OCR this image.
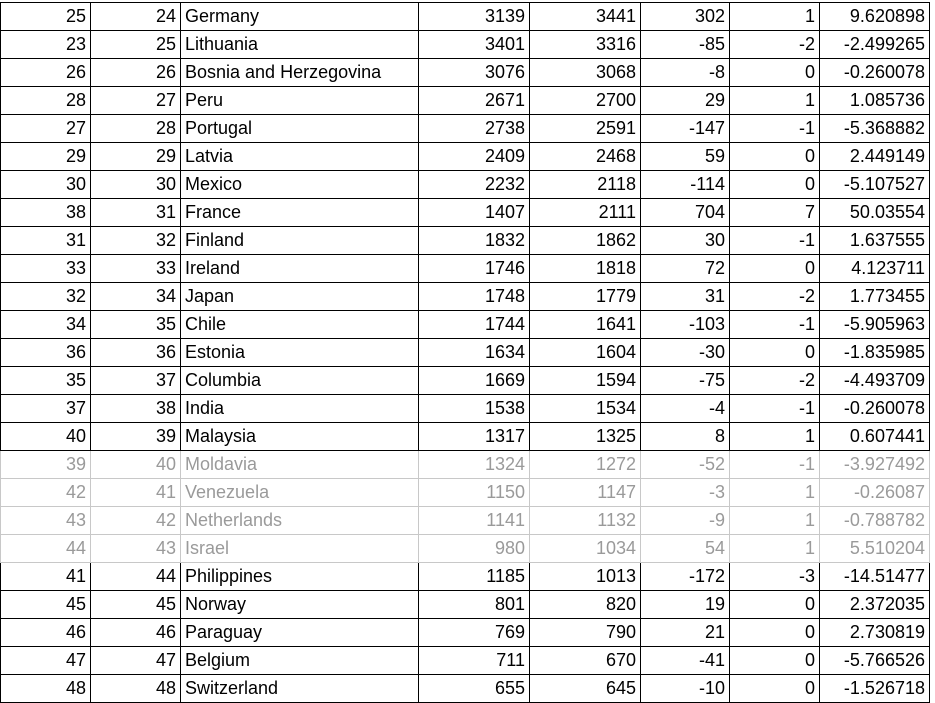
25	24	Germany	3139	3441	302	1	9.620898
23	25	Lithuania	3401	3316	-85	-2	-2.499265
26	26	Bosnia and Herzegovina	3076	3068	-8	0	-0.260078
28	27	Peru	2671	2700	29	1	1.085736
27	28	Portugal	2738	2591	-147	-1	-5.368882
29	29	Latvia	2409	2468	59	0	2.449149
30	30	Mexico	2232	2118	-114	0	-5.107527
38	31	France	1407	2111	704	7	50.03554
31	32	Finland	1832	1862	30	-1	1.637555
33	33	Ireland	1746	1818	72	0	4.123711
32	34	Japan	1748	1779	31	-2	1.773455
34	35	Chile	1744	1641	-103	-1	-5.905963
36	36	Estonia	1634	1604	-30	0	-1.835985
35	37	Columbia	1669	1594	-75	-2	-4.493709
37	38	India	1538	1534	-4	-1	-0.260078
40	39	Malaysia	1317	1325	8	1	0.607441
39	40	Moldavia	1324	1272	-52	-1	-3.927492
42	41	Venezuela	1150	1147	-3	1	-0.26087
43	42	Netherlands	1141	1132	-9	1	-0.788782
44	43	Israel	980	1034	54	1	5.510204
41	44	Philippines	1185	1013	-172	-3	-14.51477
45	45	Norway	801	820	19	0	2.372035
46	46	Paraguay	769	790	21	0	2.730819
47	47	Belgium	711	670	-41	0	-5.766526
48	48	Switzerland	655	645	-10	0	-1.526718
